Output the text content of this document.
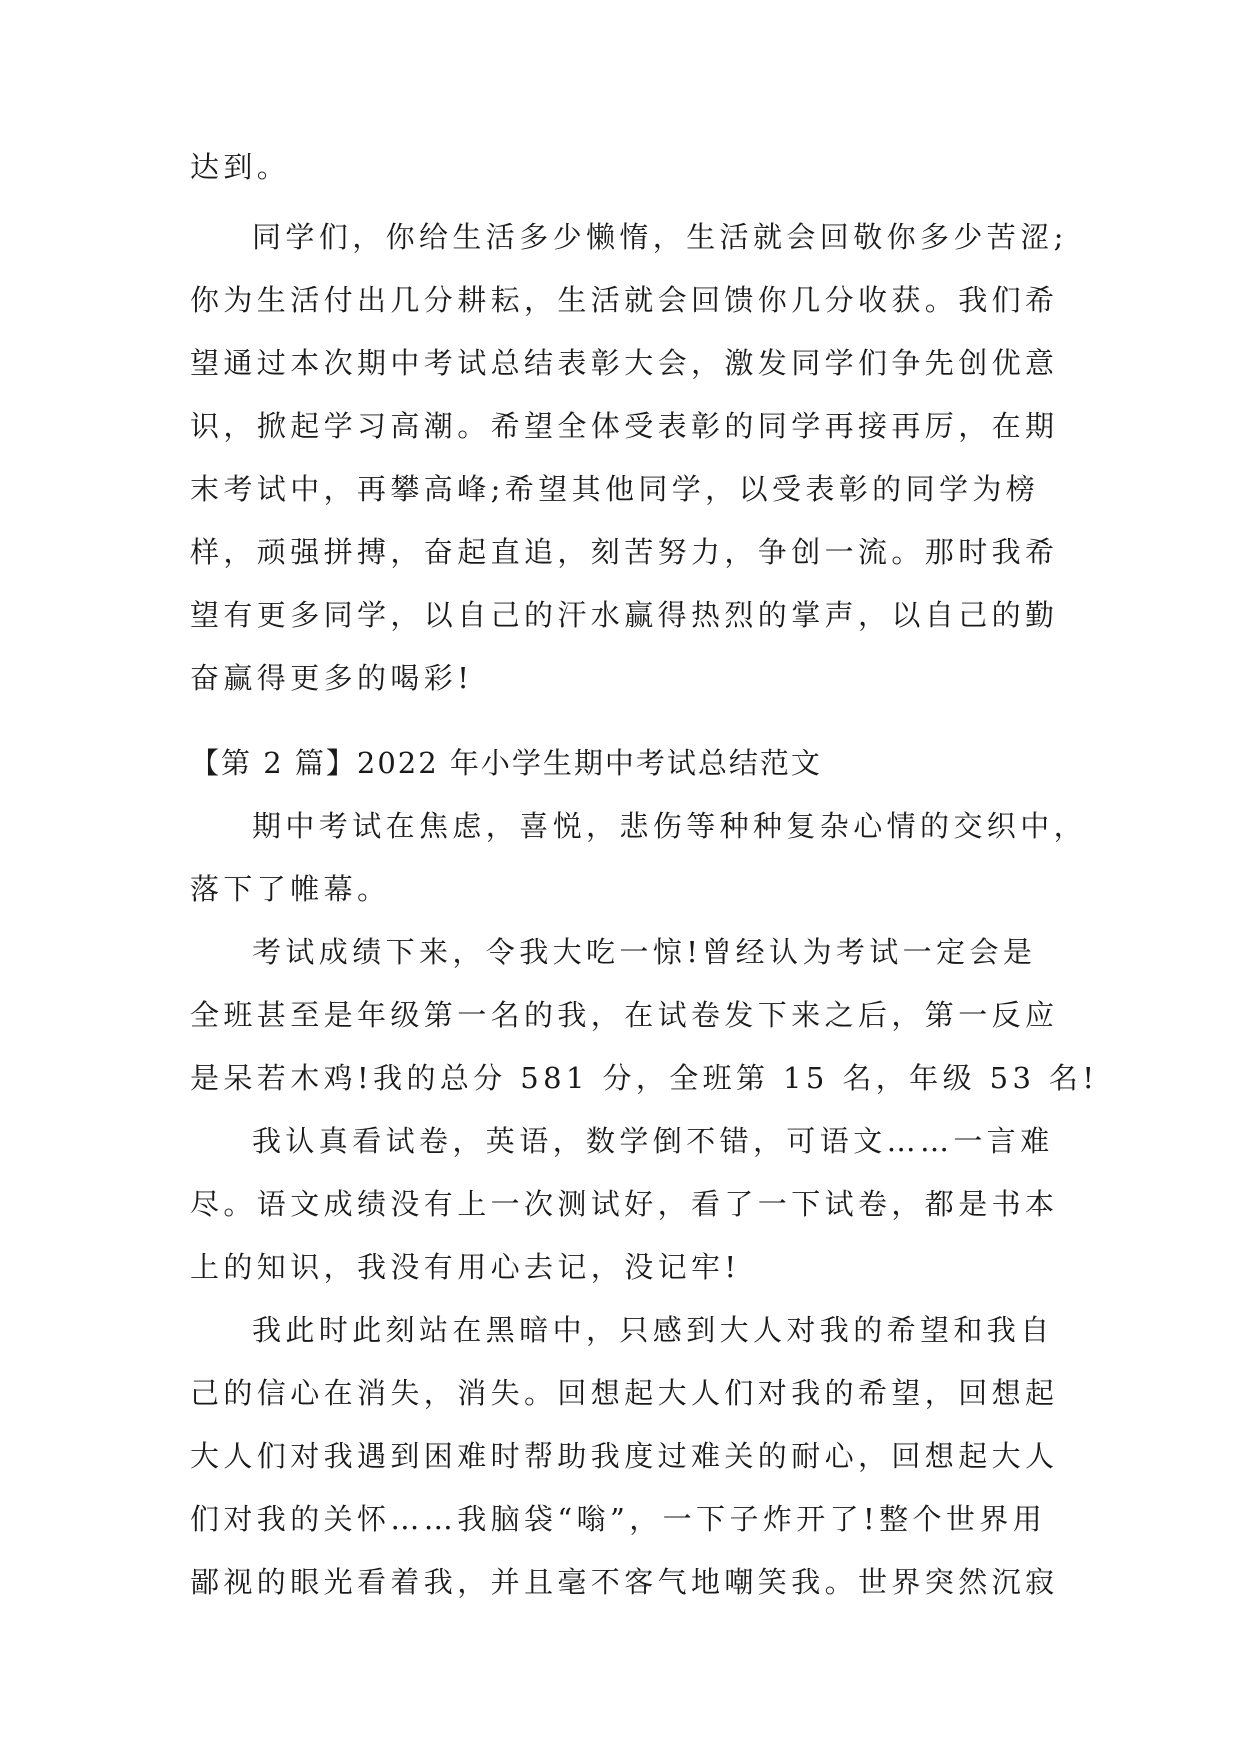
达到。
同学们，你给生活多少懒惰，生活就会回敬你多少苦涩;
你为生活付出几分耕耘，生活就会回馈你几分收获。我们希
望通过本次期中考试总结表彰大会，激发同学们争先创优意
识，掀起学习高潮。希望全体受表彰的同学再接再厉，在期
末考试中，再攀高峰;希望其他同学，以受表彰的同学为榜
样，顽强拼搏，奋起直追，刻苦努力，争创一流。那时我希
望有更多同学，以自己的汗水赢得热烈的掌声，以自己的勤
奋赢得更多的喝彩!
【第 2 篇】2022 年小学生期中考试总结范文
期中考试在焦虑，喜悦，悲伤等种种复杂心情的交织中，
落下了帷幕。
考试成绩下来，令我大吃一惊!曾经认为考试一定会是
全班甚至是年级第一名的我，在试卷发下来之后，第一反应
是呆若木鸡!我的总分 581 分，全班第 15 名，年级 53 名!
我认真看试卷，英语，数学倒不错，可语文……一言难
尽。语文成绩没有上一次测试好，看了一下试卷，都是书本
上的知识，我没有用心去记，没记牢!
我此时此刻站在黑暗中，只感到大人对我的希望和我自
己的信心在消失，消失。回想起大人们对我的希望，回想起
大人们对我遇到困难时帮助我度过难关的耐心，回想起大人
们对我的关怀……我脑袋“嗡”，一下子炸开了!整个世界用
鄙视的眼光看着我，并且毫不客气地嘲笑我。世界突然沉寂
